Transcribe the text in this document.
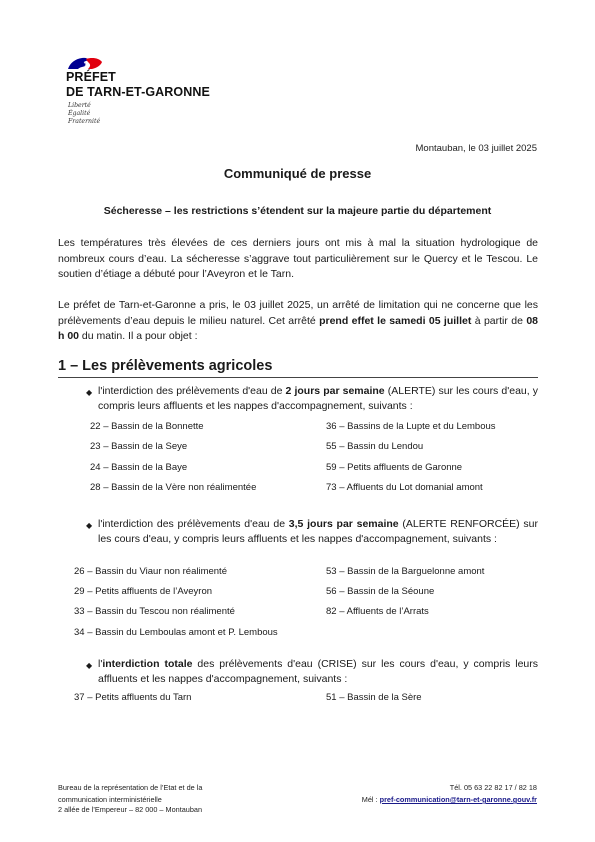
PRÉFET
DE TARN-ET-GARONNE
Liberté
Égalité
Fraternité
Montauban, le 03 juillet 2025
Communiqué de presse
Sécheresse – les restrictions s’étendent sur la majeure partie du département
Les températures très élevées de ces derniers jours ont mis à mal la situation hydrologique de nombreux cours d’eau. La sécheresse s’aggrave tout particulièrement sur le Quercy et le Tescou. Le soutien d’étiage a débuté pour l’Aveyron et le Tarn.
Le préfet de Tarn-et-Garonne a pris, le 03 juillet 2025, un arrêté de limitation qui ne concerne que les prélèvements d’eau depuis le milieu naturel. Cet arrêté prend effet le samedi 05 juillet à partir de 08 h 00 du matin. Il a pour objet :
1 – Les prélèvements agricoles
◆ l'interdiction des prélèvements d'eau de 2 jours par semaine (ALERTE) sur les cours d'eau, y compris leurs affluents et les nappes d'accompagnement, suivants :
22 – Bassin de la Bonnette
23 – Bassin de la Seye
24 – Bassin de la Baye
28 – Bassin de la Vère non réalimentée
36 – Bassins de la Lupte et du Lembous
55 – Bassin du Lendou
59 – Petits affluents de Garonne
73 – Affluents du Lot domanial amont
◆ l'interdiction des prélèvements d'eau de 3,5 jours par semaine (ALERTE RENFORCÉE) sur les cours d'eau, y compris leurs affluents et les nappes d'accompagnement, suivants :
26 – Bassin du Viaur non réalimenté
29 – Petits affluents de l’Aveyron
33 – Bassin du Tescou non réalimenté
34 – Bassin du Lemboulas amont et P. Lembous
53 – Bassin de la Barguelonne amont
56 – Bassin de la Séoune
82 – Affluents de l’Arrats
◆ l'interdiction totale des prélèvements d'eau (CRISE) sur les cours d'eau, y compris leurs affluents et les nappes d'accompagnement, suivants :
37 – Petits affluents du Tarn	51 – Bassin de la Sère
Bureau de la représentation de l’Etat et de la
communication interministérielle
2 allée de l’Empereur – 82 000 – Montauban
Tél. 05 63 22 82 17 / 82 18
Mél : pref-communication@tarn-et-garonne.gouv.fr
